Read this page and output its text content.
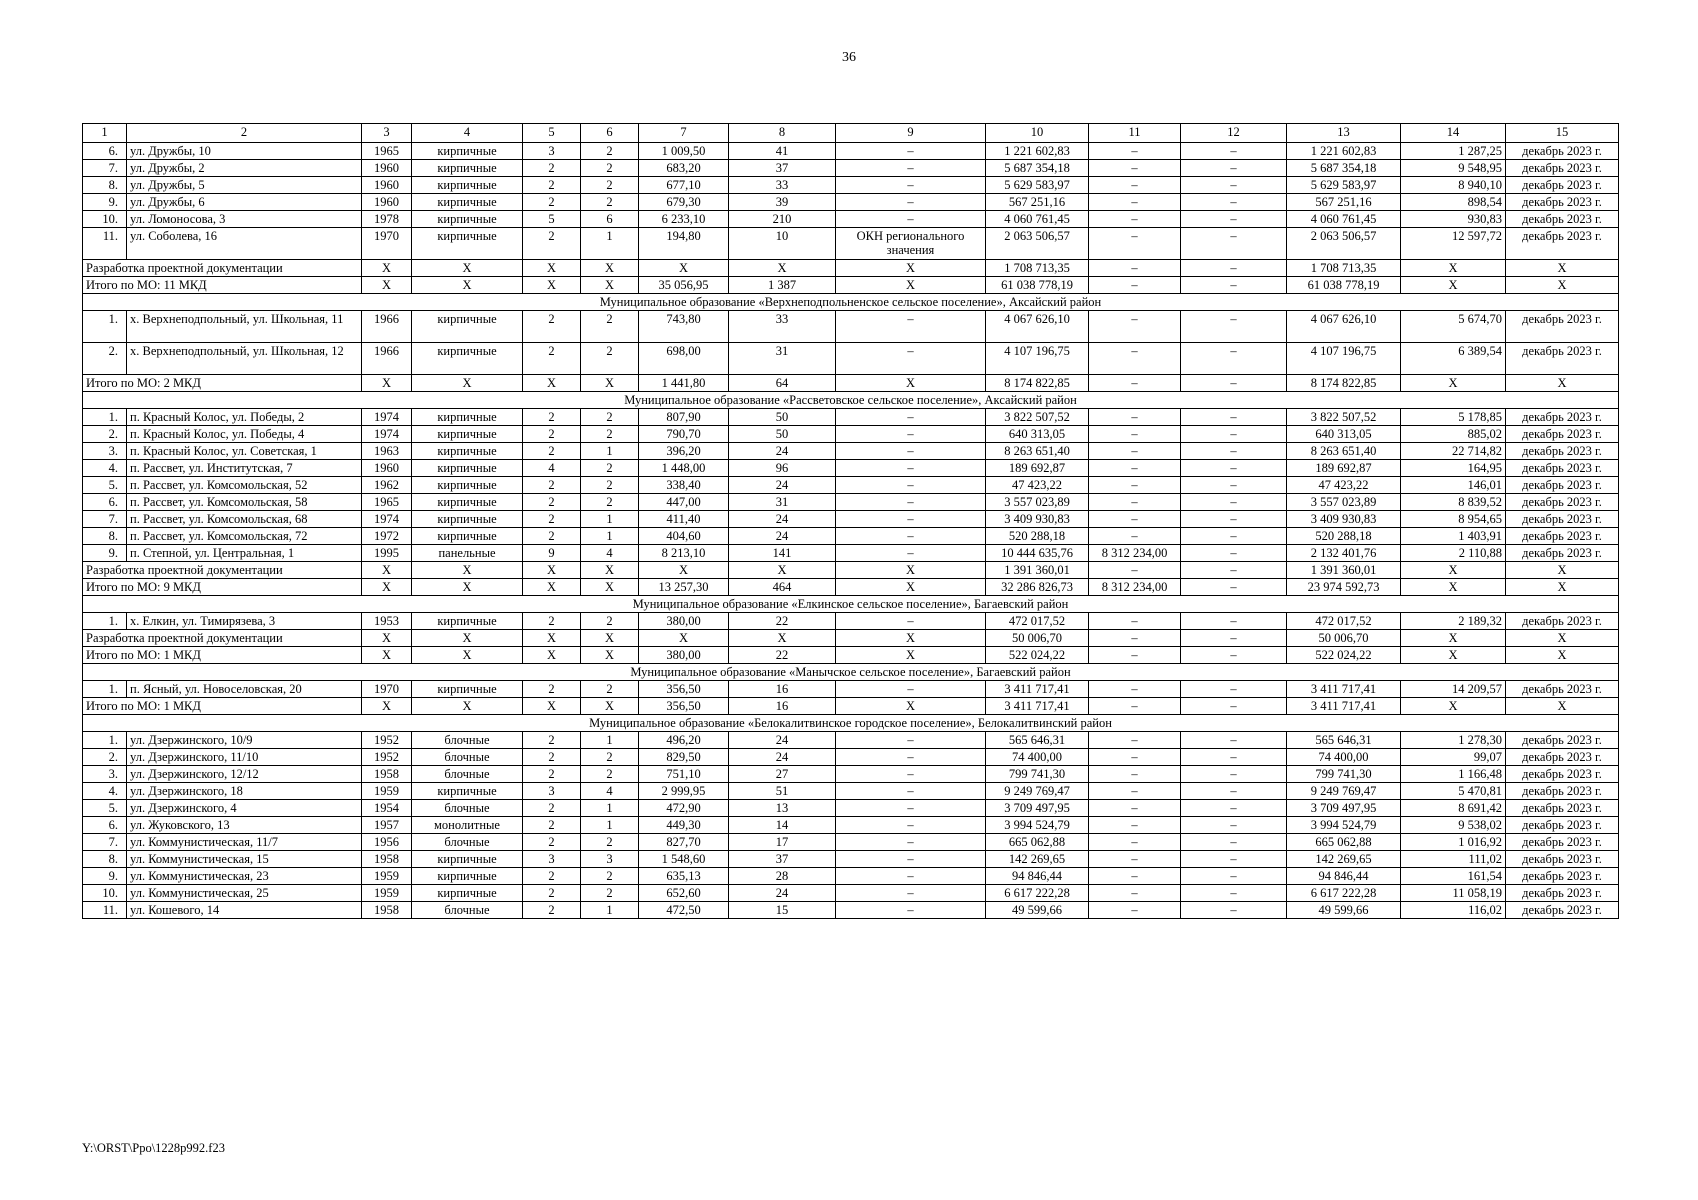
36
1	2	3	4	5	6	7	8	9	10	11	12	13	14	15
6.	ул. Дружбы, 10	1965	кирпичные	3	2	1 009,50	41	–	1 221 602,83	–	–	1 221 602,83	1 287,25	декабрь 2023 г.
7.	ул. Дружбы, 2	1960	кирпичные	2	2	683,20	37	–	5 687 354,18	–	–	5 687 354,18	9 548,95	декабрь 2023 г.
8.	ул. Дружбы, 5	1960	кирпичные	2	2	677,10	33	–	5 629 583,97	–	–	5 629 583,97	8 940,10	декабрь 2023 г.
9.	ул. Дружбы, 6	1960	кирпичные	2	2	679,30	39	–	567 251,16	–	–	567 251,16	898,54	декабрь 2023 г.
10.	ул. Ломоносова, 3	1978	кирпичные	5	6	6 233,10	210	–	4 060 761,45	–	–	4 060 761,45	930,83	декабрь 2023 г.
11.	ул. Соболева, 16	1970	кирпичные	2	1	194,80	10	ОКН регионального значения	2 063 506,57	–	–	2 063 506,57	12 597,72	декабрь 2023 г.
Разработка проектной документации		X	X	X	X	X	X	X	1 708 713,35	–	–	1 708 713,35	X	X
Итого по МО: 11 МКД		X	X	X	X	35 056,95	1 387	X	61 038 778,19	–	–	61 038 778,19	X	X
Муниципальное образование «Верхнеподпольненское сельское поселение», Аксайский район														
1.	х. Верхнеподпольный, ул. Школьная, 11	1966	кирпичные	2	2	743,80	33	–	4 067 626,10	–	–	4 067 626,10	5 674,70	декабрь 2023 г.
2.	х. Верхнеподпольный, ул. Школьная, 12	1966	кирпичные	2	2	698,00	31	–	4 107 196,75	–	–	4 107 196,75	6 389,54	декабрь 2023 г.
Итого по МО: 2 МКД		X	X	X	X	1 441,80	64	X	8 174 822,85	–	–	8 174 822,85	X	X
Муниципальное образование «Рассветовское сельское поселение», Аксайский район														
1.	п. Красный Колос, ул. Победы, 2	1974	кирпичные	2	2	807,90	50	–	3 822 507,52	–	–	3 822 507,52	5 178,85	декабрь 2023 г.
2.	п. Красный Колос, ул. Победы, 4	1974	кирпичные	2	2	790,70	50	–	640 313,05	–	–	640 313,05	885,02	декабрь 2023 г.
3.	п. Красный Колос, ул. Советская, 1	1963	кирпичные	2	1	396,20	24	–	8 263 651,40	–	–	8 263 651,40	22 714,82	декабрь 2023 г.
4.	п. Рассвет, ул. Институтская, 7	1960	кирпичные	4	2	1 448,00	96	–	189 692,87	–	–	189 692,87	164,95	декабрь 2023 г.
5.	п. Рассвет, ул. Комсомольская, 52	1962	кирпичные	2	2	338,40	24	–	47 423,22	–	–	47 423,22	146,01	декабрь 2023 г.
6.	п. Рассвет, ул. Комсомольская, 58	1965	кирпичные	2	2	447,00	31	–	3 557 023,89	–	–	3 557 023,89	8 839,52	декабрь 2023 г.
7.	п. Рассвет, ул. Комсомольская, 68	1974	кирпичные	2	1	411,40	24	–	3 409 930,83	–	–	3 409 930,83	8 954,65	декабрь 2023 г.
8.	п. Рассвет, ул. Комсомольская, 72	1972	кирпичные	2	1	404,60	24	–	520 288,18	–	–	520 288,18	1 403,91	декабрь 2023 г.
9.	п. Степной, ул. Центральная, 1	1995	панельные	9	4	8 213,10	141	–	10 444 635,76	8 312 234,00	–	2 132 401,76	2 110,88	декабрь 2023 г.
Разработка проектной документации		X	X	X	X	X	X	X	1 391 360,01	–	–	1 391 360,01	X	X
Итого по МО: 9 МКД		X	X	X	X	13 257,30	464	X	32 286 826,73	8 312 234,00	–	23 974 592,73	X	X
Муниципальное образование «Елкинское сельское поселение», Багаевский район														
1.	х. Елкин, ул. Тимирязева, 3	1953	кирпичные	2	2	380,00	22	–	472 017,52	–	–	472 017,52	2 189,32	декабрь 2023 г.
Разработка проектной документации		X	X	X	X	X	X	X	50 006,70	–	–	50 006,70	X	X
Итого по МО: 1 МКД		X	X	X	X	380,00	22	X	522 024,22	–	–	522 024,22	X	X
Муниципальное образование «Манычское сельское поселение», Багаевский район														
1.	п. Ясный, ул. Новоселовская, 20	1970	кирпичные	2	2	356,50	16	–	3 411 717,41	–	–	3 411 717,41	14 209,57	декабрь 2023 г.
Итого по МО: 1 МКД		X	X	X	X	356,50	16	X	3 411 717,41	–	–	3 411 717,41	X	X
Муниципальное образование «Белокалитвинское городское поселение», Белокалитвинский район														
1.	ул. Дзержинского, 10/9	1952	блочные	2	1	496,20	24	–	565 646,31	–	–	565 646,31	1 278,30	декабрь 2023 г.
2.	ул. Дзержинского, 11/10	1952	блочные	2	2	829,50	24	–	74 400,00	–	–	74 400,00	99,07	декабрь 2023 г.
3.	ул. Дзержинского, 12/12	1958	блочные	2	2	751,10	27	–	799 741,30	–	–	799 741,30	1 166,48	декабрь 2023 г.
4.	ул. Дзержинского, 18	1959	кирпичные	3	4	2 999,95	51	–	9 249 769,47	–	–	9 249 769,47	5 470,81	декабрь 2023 г.
5.	ул. Дзержинского, 4	1954	блочные	2	1	472,90	13	–	3 709 497,95	–	–	3 709 497,95	8 691,42	декабрь 2023 г.
6.	ул. Жуковского, 13	1957	монолитные	2	1	449,30	14	–	3 994 524,79	–	–	3 994 524,79	9 538,02	декабрь 2023 г.
7.	ул. Коммунистическая, 11/7	1956	блочные	2	2	827,70	17	–	665 062,88	–	–	665 062,88	1 016,92	декабрь 2023 г.
8.	ул. Коммунистическая, 15	1958	кирпичные	3	3	1 548,60	37	–	142 269,65	–	–	142 269,65	111,02	декабрь 2023 г.
9.	ул. Коммунистическая, 23	1959	кирпичные	2	2	635,13	28	–	94 846,44	–	–	94 846,44	161,54	декабрь 2023 г.
10.	ул. Коммунистическая, 25	1959	кирпичные	2	2	652,60	24	–	6 617 222,28	–	–	6 617 222,28	11 058,19	декабрь 2023 г.
11.	ул. Кошевого, 14	1958	блочные	2	1	472,50	15	–	49 599,66	–	–	49 599,66	116,02	декабрь 2023 г.
Y:\ORST\Ppo\1228p992.f23
